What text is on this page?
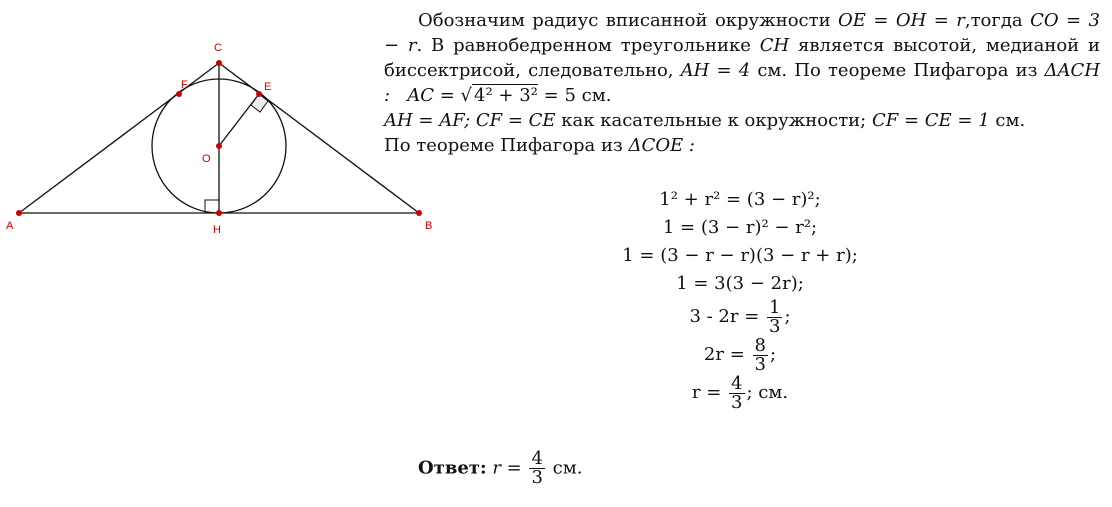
A	B
C
F	E
O
H

Обозначим радиус вписанной окружности OE = OH = r,тогда CO = 3 − r. В равнобедренном треугольнике CH является высотой, медианой и биссектрисой, следовательно, AH = 4 см. По теореме Пифагора из ΔACH : AC = √ 4² + 3² = 5 см.

AH = AF; CF = CE как касательные к окружности; CF = CE = 1 см.

По теореме Пифагора из ΔCOE :

1² + r² = (3 − r)²;
1 = (3 − r)² − r²;
1 = (3 − r − r)(3 − r + r);
1 = 3(3 − 2r);
$3 - 2r = \frac{1}{3}$ ;
$2r = \frac{8}{3}$ ;
$r = \frac{4}{3}$ ; см.
Ответ: $r = \frac{4}{3}$ см.
